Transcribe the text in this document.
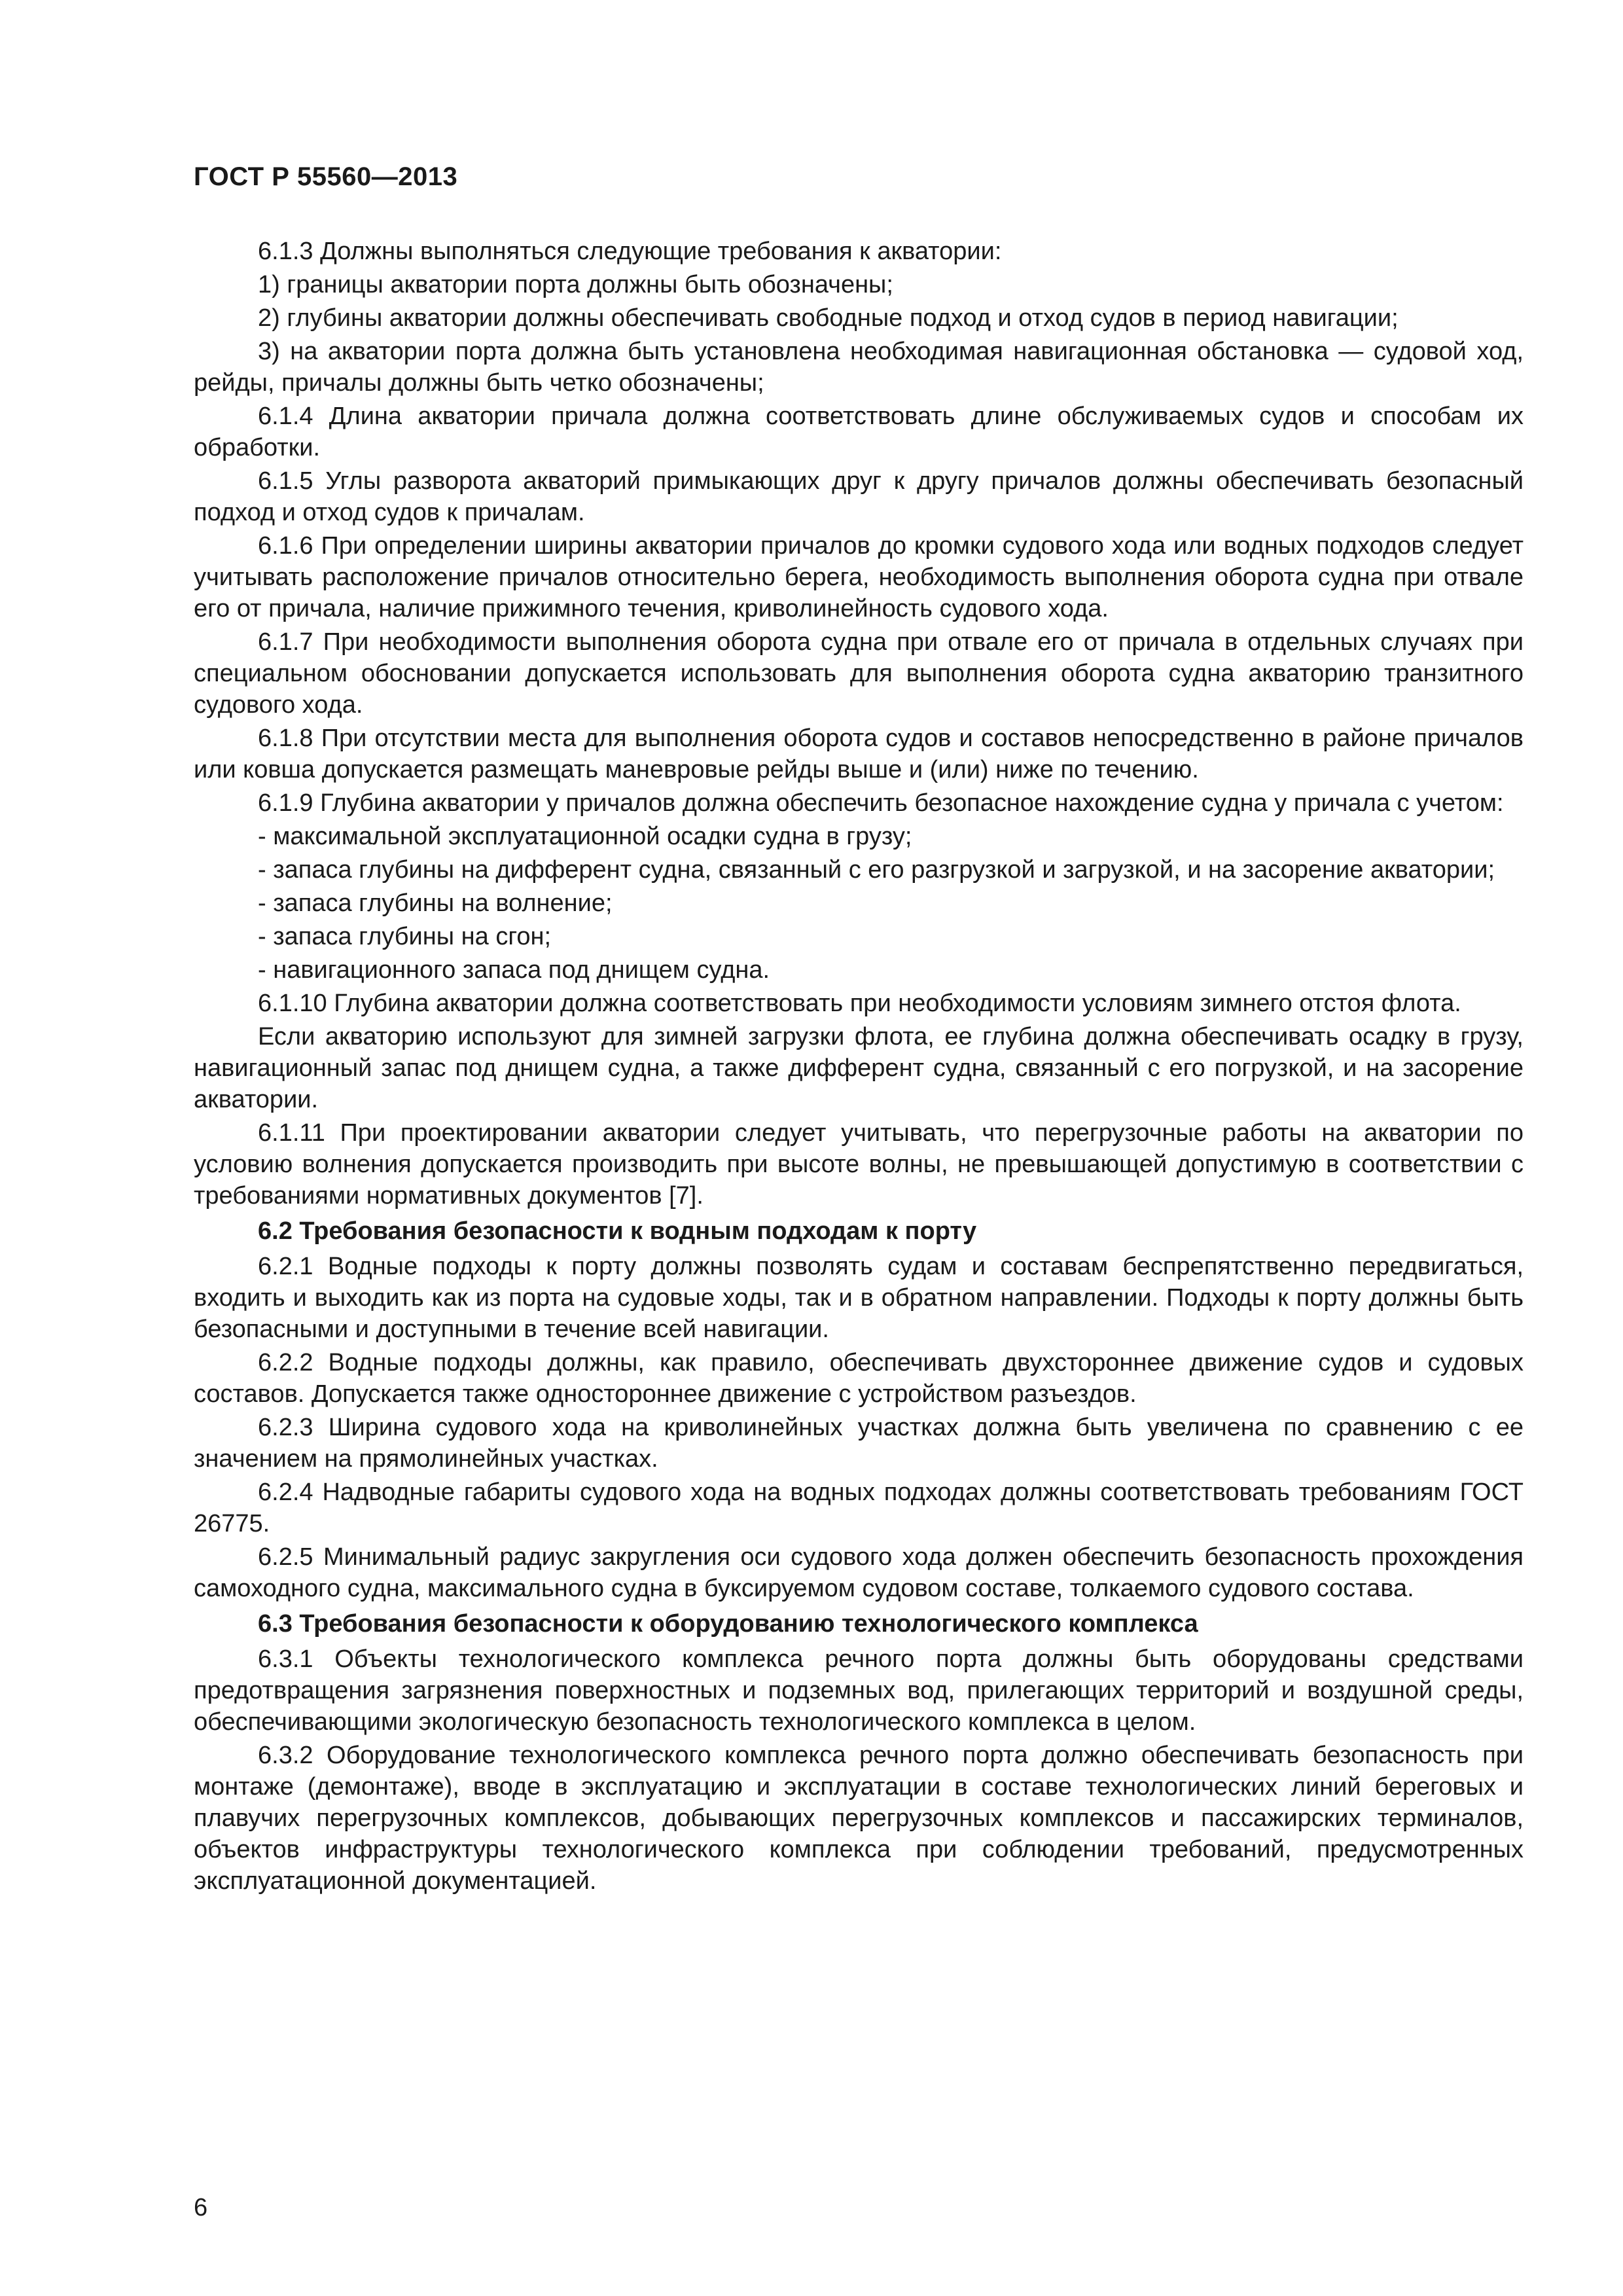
ГОСТ Р 55560—2013

6.1.3 Должны выполняться следующие требования к акватории:

1) границы акватории порта должны быть обозначены;

2) глубины акватории должны обеспечивать свободные подход и отход судов в период навигации;

3) на акватории порта должна быть установлена необходимая навигационная обстановка — судовой ход, рейды, причалы должны быть четко обозначены;

6.1.4 Длина акватории причала должна соответствовать длине обслуживаемых судов и способам их обработки.

6.1.5 Углы разворота акваторий примыкающих друг к другу причалов должны обеспечивать безопасный подход и отход судов к причалам.

6.1.6 При определении ширины акватории причалов до кромки судового хода или водных подходов следует учитывать расположение причалов относительно берега, необходимость выполнения оборота судна при отвале его от причала, наличие прижимного течения, криволинейность судового хода.

6.1.7 При необходимости выполнения оборота судна при отвале его от причала в отдельных случаях при специальном обосновании допускается использовать для выполнения оборота судна акваторию транзитного судового хода.

6.1.8 При отсутствии места для выполнения оборота судов и составов непосредственно в районе причалов или ковша допускается размещать маневровые рейды выше и (или) ниже по течению.

6.1.9 Глубина акватории у причалов должна обеспечить безопасное нахождение судна у причала с учетом:

- максимальной эксплуатационной осадки судна в грузу;

- запаса глубины на дифферент судна, связанный с его разгрузкой и загрузкой, и на засорение акватории;

- запаса глубины на волнение;

- запаса глубины на сгон;

- навигационного запаса под днищем судна.

6.1.10 Глубина акватории должна соответствовать при необходимости условиям зимнего отстоя флота.

Если акваторию используют для зимней загрузки флота, ее глубина должна обеспечивать осадку в грузу, навигационный запас под днищем судна, а также дифферент судна, связанный с его погрузкой, и на засорение акватории.

6.1.11 При проектировании акватории следует учитывать, что перегрузочные работы на акватории по условию волнения допускается производить при высоте волны, не превышающей допустимую в соответствии с требованиями нормативных документов [7].

6.2 Требования безопасности к водным подходам к порту

6.2.1 Водные подходы к порту должны позволять судам и составам беспрепятственно передвигаться, входить и выходить как из порта на судовые ходы, так и в обратном направлении. Подходы к порту должны быть безопасными и доступными в течение всей навигации.

6.2.2 Водные подходы должны, как правило, обеспечивать двухстороннее движение судов и судовых составов. Допускается также одностороннее движение с устройством разъездов.

6.2.3 Ширина судового хода на криволинейных участках должна быть увеличена по сравнению с ее значением на прямолинейных участках.

6.2.4 Надводные габариты судового хода на водных подходах должны соответствовать требованиям ГОСТ 26775.

6.2.5 Минимальный радиус закругления оси судового хода должен обеспечить безопасность прохождения самоходного судна, максимального судна в буксируемом судовом составе, толкаемого судового состава.

6.3 Требования безопасности к оборудованию технологического комплекса

6.3.1 Объекты технологического комплекса речного порта должны быть оборудованы средствами предотвращения загрязнения поверхностных и подземных вод, прилегающих территорий и воздушной среды, обеспечивающими экологическую безопасность технологического комплекса в целом.

6.3.2 Оборудование технологического комплекса речного порта должно обеспечивать безопасность при монтаже (демонтаже), вводе в эксплуатацию и эксплуатации в составе технологических линий береговых и плавучих перегрузочных комплексов, добывающих перегрузочных комплексов и пассажирских терминалов, объектов инфраструктуры технологического комплекса при соблюдении требований, предусмотренных эксплуатационной документацией.

6
